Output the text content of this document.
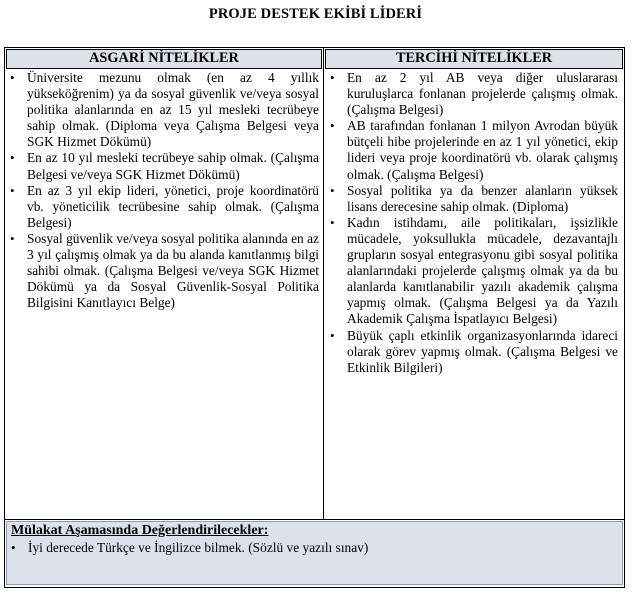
PROJE DESTEK EKİBİ LİDERİ
ASGARİ NİTELİKLER	TERCİHİ NİTELİKLER
• Üniversite mezunu olmak (en az 4 yıllık yükseköğrenim) ya da sosyal güvenlik ve/veya sosyal politika alanlarında en az 15 yıl mesleki tecrübeye sahip olmak. (Diploma veya Çalışma Belgesi veya SGK Hizmet Dökümü)
• En az 10 yıl mesleki tecrübeye sahip olmak. (Çalışma Belgesi ve/veya SGK Hizmet Dökümü)
• En az 3 yıl ekip lideri, yönetici, proje koordinatörü vb. yöneticilik tecrübesine sahip olmak. (Çalışma Belgesi)
• Sosyal güvenlik ve/veya sosyal politika alanında en az 3 yıl çalışmış olmak ya da bu alanda kanıtlanmış bilgi sahibi olmak. (Çalışma Belgesi ve/veya SGK Hizmet Dökümü ya da Sosyal Güvenlik-Sosyal Politika Bilgisini Kanıtlayıcı Belge)
• En az 2 yıl AB veya diğer uluslararası kuruluşlarca fonlanan projelerde çalışmış olmak. (Çalışma Belgesi)
• AB tarafından fonlanan 1 milyon Avrodan büyük bütçeli hibe projelerinde en az 1 yıl yönetici, ekip lideri veya proje koordinatörü vb. olarak çalışmış olmak. (Çalışma Belgesi)
• Sosyal politika ya da benzer alanların yüksek lisans derecesine sahip olmak. (Diploma)
• Kadın istihdamı, aile politikaları, işsizlikle mücadele, yoksullukla mücadele, dezavantajlı grupların sosyal entegrasyonu gibi sosyal politika alanlarındaki projelerde çalışmış olmak ya da bu alanlarda kanıtlanabilir yazılı akademik çalışma yapmış olmak. (Çalışma Belgesi ya da Yazılı Akademik Çalışma İspatlayıcı Belgesi)
• Büyük çaplı etkinlik organizasyonlarında idareci olarak görev yapmış olmak. (Çalışma Belgesi ve Etkinlik Bilgileri)
Mülakat Aşamasında Değerlendirilecekler:
• İyi derecede Türkçe ve İngilizce bilmek. (Sözlü ve yazılı sınav)
